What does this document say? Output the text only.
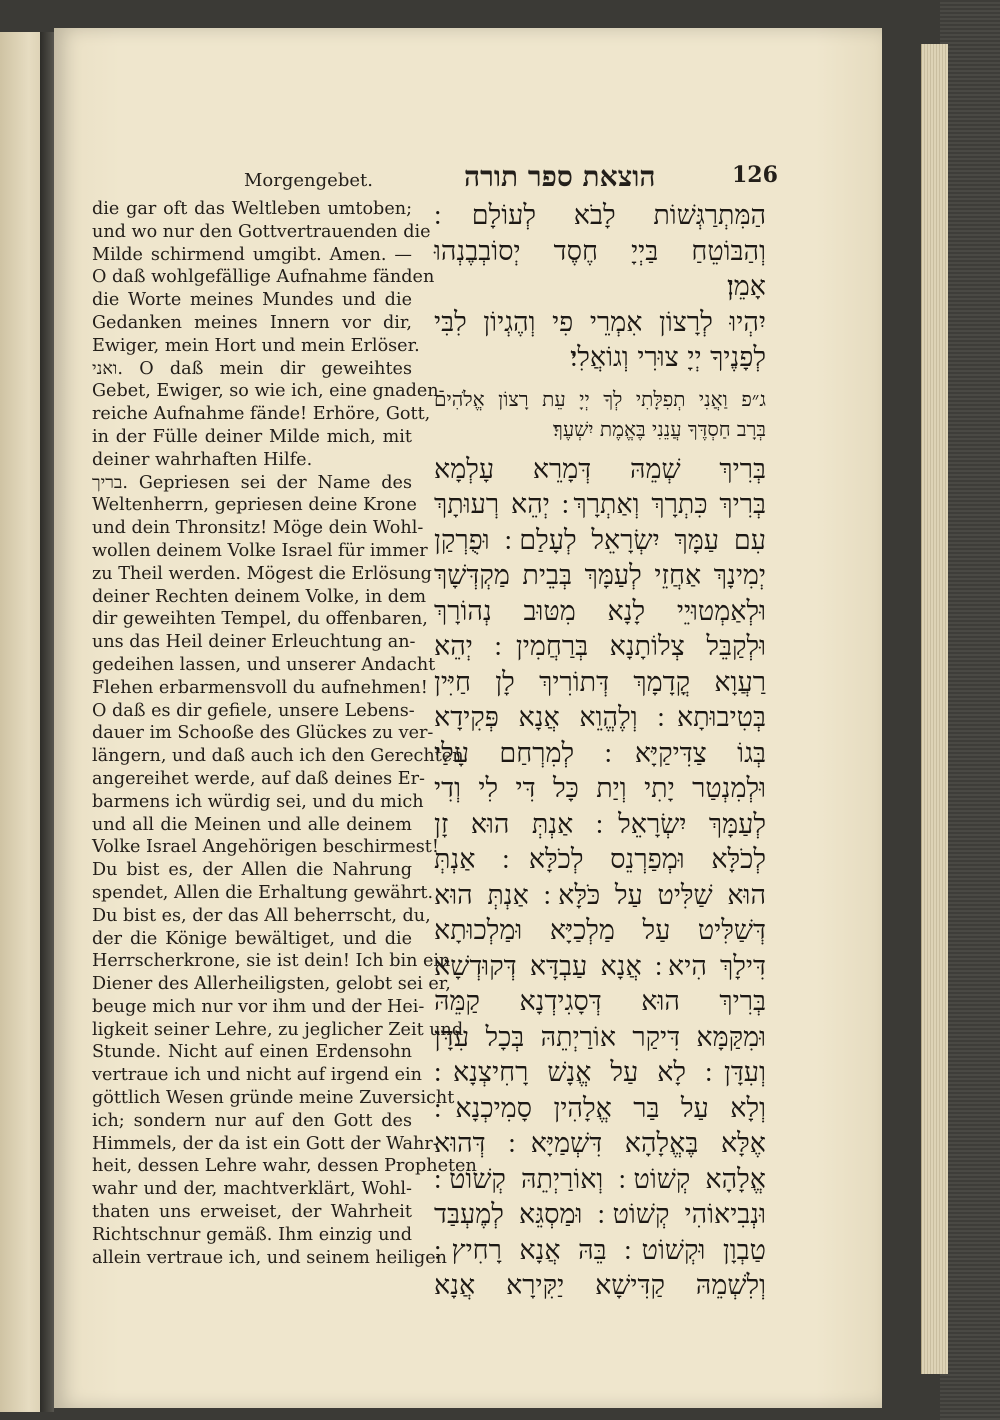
Morgengebet.	הוצאת ספר תורה	126
die gar oft das Weltleben umtoben;
und wo nur den Gottvertrauenden die
Milde schirmend umgibt. Amen. —
O daß wohlgefällige Aufnahme fänden
die Worte meines Mundes und die
Gedanken meines Innern vor dir,
Ewiger, mein Hort und mein Erlöser.
ואני. O daß mein dir geweihtes
Gebet, Ewiger, so wie ich, eine gnaden-
reiche Aufnahme fände! Erhöre, Gott,
in der Fülle deiner Milde mich, mit
deiner wahrhaften Hilfe.
בריך. Gepriesen sei der Name des
Weltenherrn, gepriesen deine Krone
und dein Thronsitz! Möge dein Wohl-
wollen deinem Volke Israel für immer
zu Theil werden. Mögest die Erlösung
deiner Rechten deinem Volke, in dem
dir geweihten Tempel, du offenbaren,
uns das Heil deiner Erleuchtung an-
gedeihen lassen, und unserer Andacht
Flehen erbarmensvoll du aufnehmen!
O daß es dir gefiele, unsere Lebens-
dauer im Schooße des Glückes zu ver-
längern, und daß auch ich den Gerechten
angereihet werde, auf daß deines Er-
barmens ich würdig sei, und du mich
und all die Meinen und alle deinem
Volke Israel Angehörigen beschirmest!
Du bist es, der Allen die Nahrung
spendet, Allen die Erhaltung gewährt.
Du bist es, der das All beherrscht, du,
der die Könige bewältiget, und die
Herrscherkrone, sie ist dein! Ich bin ein
Diener des Allerheiligsten, gelobt sei er,
beuge mich nur vor ihm und der Hei-
ligkeit seiner Lehre, zu jeglicher Zeit und
Stunde. Nicht auf einen Erdensohn
vertraue ich und nicht auf irgend ein
göttlich Wesen gründe meine Zuversicht
ich; sondern nur auf den Gott des
Himmels, der da ist ein Gott der Wahr-
heit, dessen Lehre wahr, dessen Propheten
wahr und der, machtverklärt, Wohl-
thaten uns erweiset, der Wahrheit
Richtschnur gemäß. Ihm einzig und
allein vertraue ich, und seinem heiligen
הַמִּתְרַגְּשׁוֹת לָבֹא לְעוֹלָם ׃
וְהַבּוֹטֵחַ בַּיְיָ חֶסֶד יְסוֹבְבֶנְהוּ
אָמֵן׃
יִהְיוּ לְרָצוֹן אִמְרֵי פִי וְהֶגְיוֹן לִבִּי
לְפָנֶיךָ יְיָ צוּרִי וְגוֹאֲלִי׃
ג״פ וַאֲנִי תְפִלָּתִי לְךָ יְיָ עֵת רָצוֹן אֱלֹהִים
בְּרָב חַסְדֶּךָ עֲנֵנִי בֶּאֱמֶת יִשְׁעֶךָ׃
בְּרִיךְ שְׁמֵהּ דְּמָרֵא עָלְמָא
בְּרִיךְ כִּתְרָךְ וְאַתְרָךְ ׃ יְהֵא רְעוּתָךְ
עִם עַמָּךְ יִשְׂרָאֵל לְעָלַם ׃ וּפֻרְקַן
יְמִינָךְ אַחֲזֵי לְעַמָּךְ בְּבֵית מַקְדְּשָׁךְ
וּלְאַמְטוּיֵי לָנָא מִטּוּב נְהוֹרָךְ
וּלְקַבֵּל צְלוֹתָנָא בְּרַחֲמִין ׃ יְהֵא
רַעֲוָא קֳדָמָךְ דְּתוֹרִיךְ לָן חַיִּין
בְּטִיבוּתָא ׃ וְלֶהֱוֵא אֲנָא פְּקִידָא
בְּגוֹ צַדִּיקַיָּא ׃ לְמִרְחַם עָלַי
וּלְמִנְטַר יָתִי וְיַת כָּל דִּי לִי וְדִי
לְעַמָּךְ יִשְׂרָאֵל ׃ אַנְתְּ הוּא זָן
לְכֹלָּא וּמְפַרְנֵס לְכֹלָּא ׃ אַנְתְּ
הוּא שַׁלִּיט עַל כֹּלָּא ׃ אַנְתְּ הוּא
דְּשַׁלִּיט עַל מַלְכַיָּא וּמַלְכוּתָא
דִּילָךְ הִיא ׃ אֲנָא עַבְדָּא דְּקוּדְשָׁא
בְּרִיךְ הוּא דְּסָגִידְנָא קַמֵּהּ
וּמִקַּמָּא דִּיקַר אוֹרַיְתֵהּ בְּכָל עִדָּן
וְעִדָּן ׃ לָא עַל אֱנָשׁ רָחִיצְנָא ׃
וְלָא עַל בַּר אֱלָהִין סָמִיכְנָא ׃
אֶלָּא בֶּאֱלָהָא דִּשְׁמַיָּא ׃ דְּהוּא
אֱלָהָא קְשׁוֹט ׃ וְאוֹרַיְתֵהּ קְשׁוֹט ׃
וּנְבִיאוֹהִי קְשׁוֹט ׃ וּמַסְגֵּא לְמֶעְבַּד
טַבְוָן וּקְשׁוֹט ׃ בֵּהּ אֲנָא רָחִיץ ׃
וְלִשְׁמֵהּ קַדִּישָׁא יַקִּירָא אֲנָא
